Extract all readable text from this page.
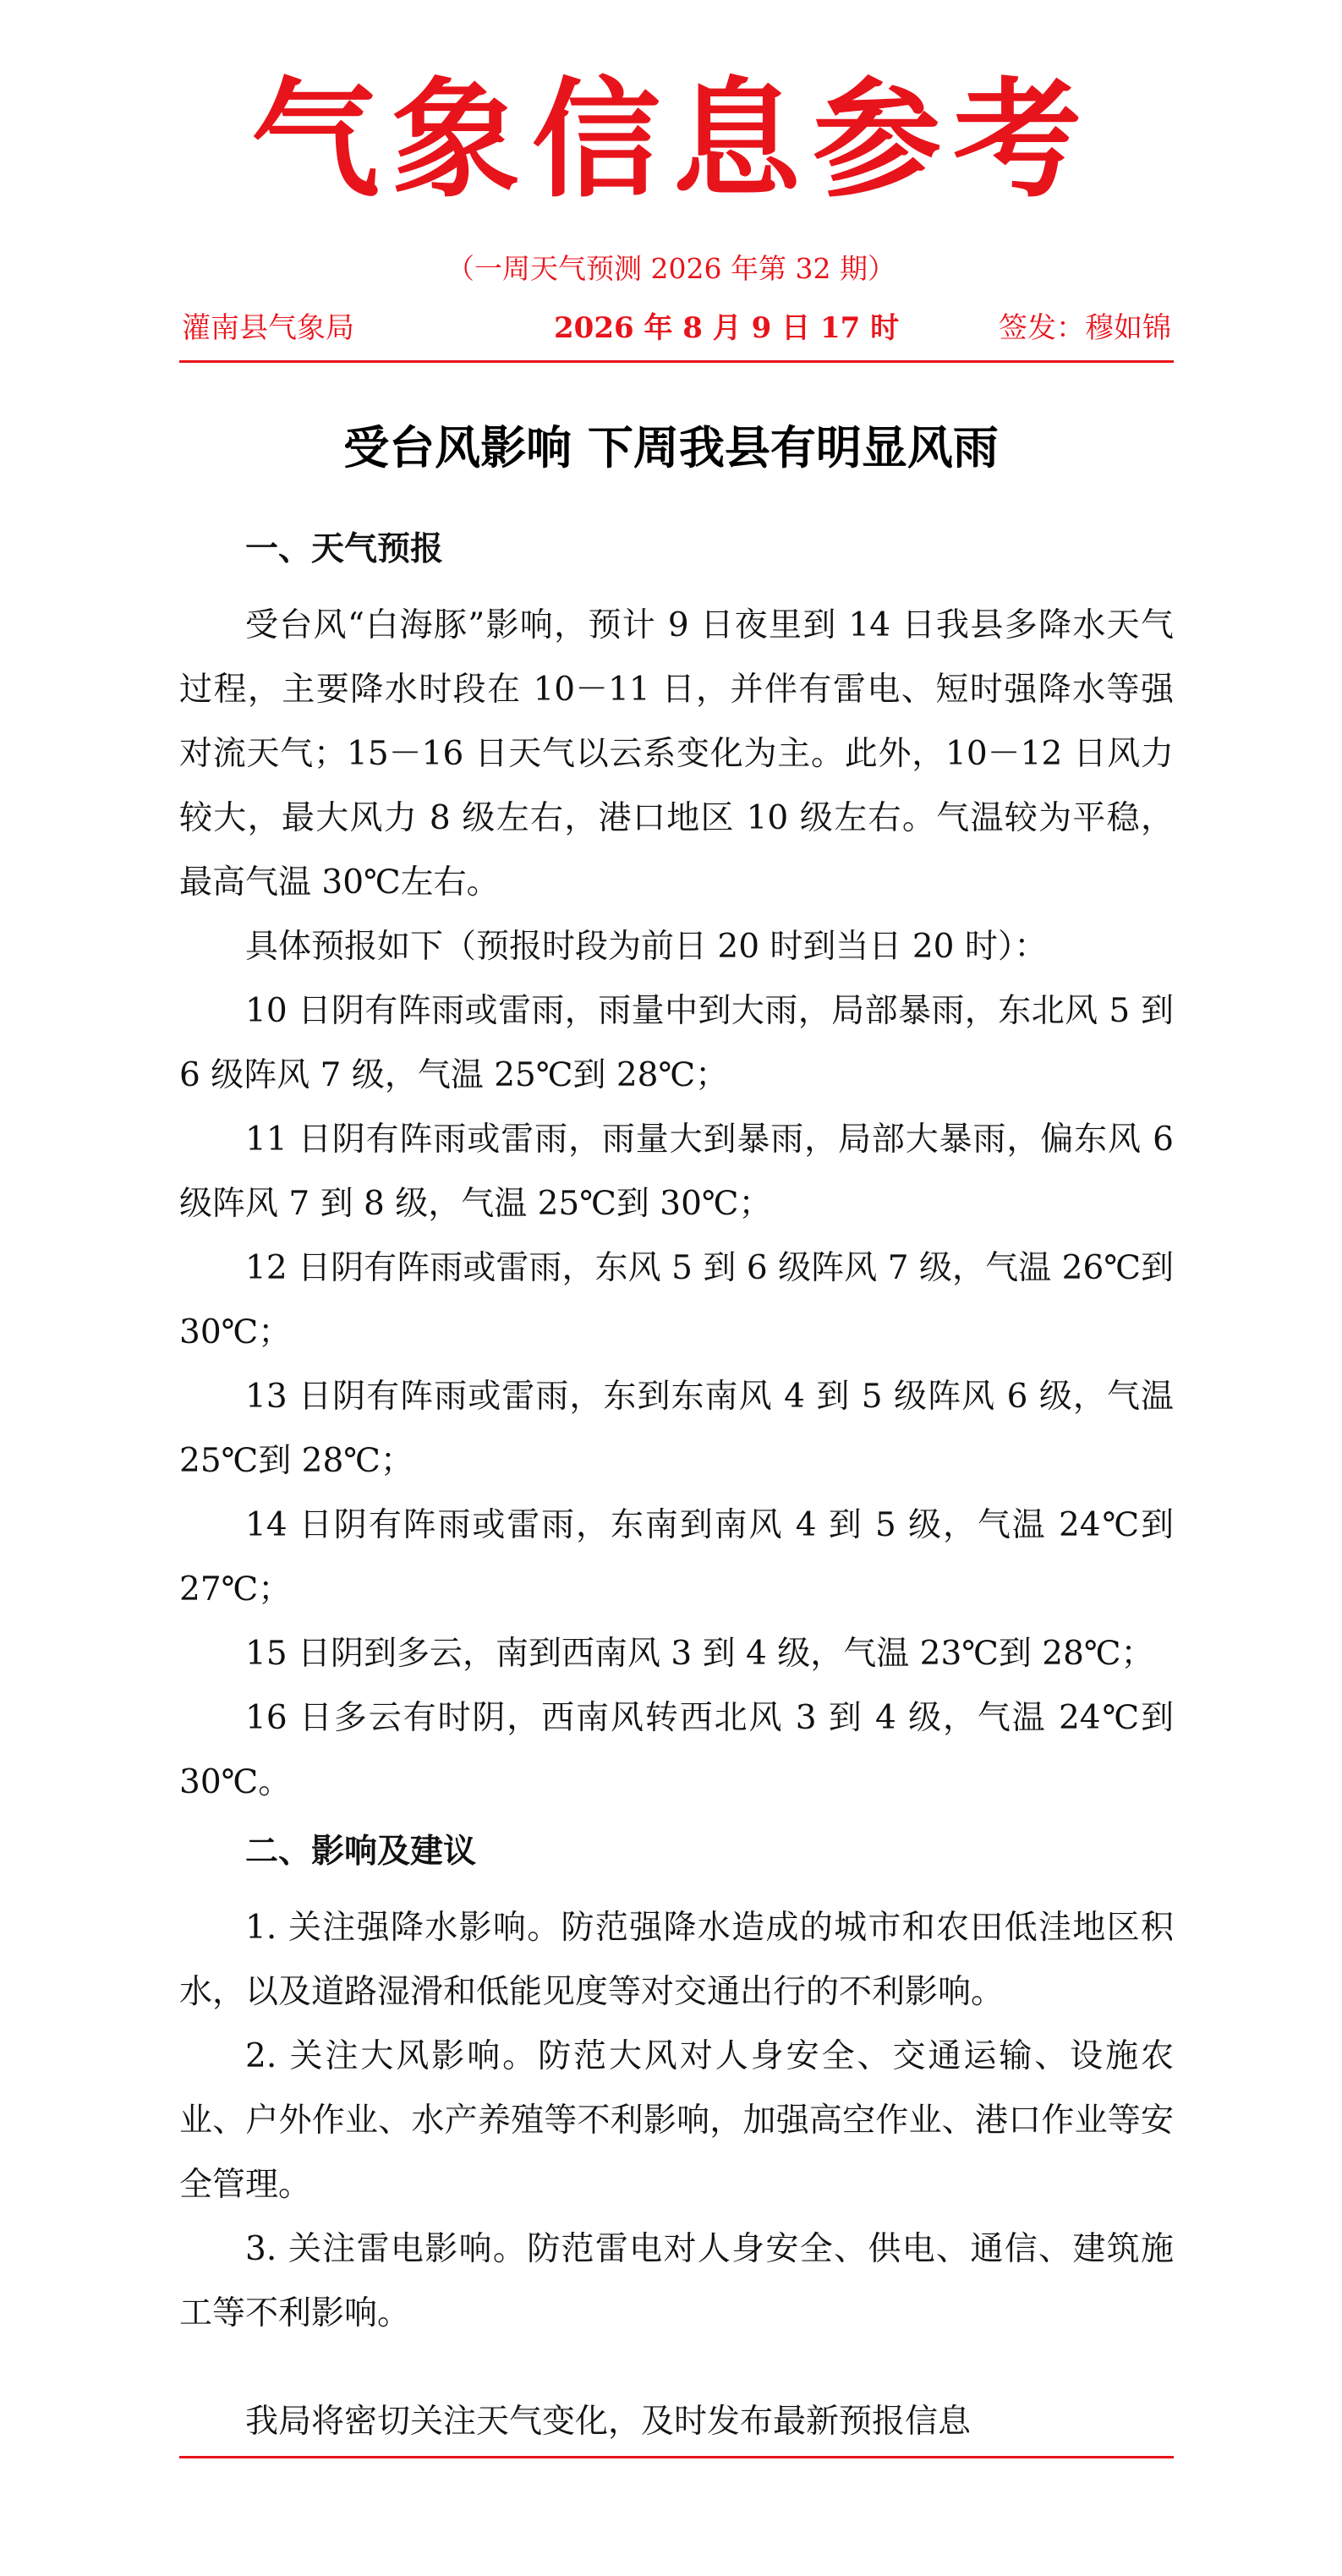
气象信息参考
（一周天气预测 2026 年第 32 期）
灌南县气象局	2026 年 8 月 9 日 17 时	签发：穆如锦
受台风影响 下周我县有明显风雨

一、天气预报

受台风“白海豚”影响，预计 9 日夜里到 14 日我县多降水天气过程，主要降水时段在 10－11 日，并伴有雷电、短时强降水等强对流天气；15－16 日天气以云系变化为主。此外，10－12 日风力较大，最大风力 8 级左右，港口地区 10 级左右。气温较为平稳，最高气温 30℃左右。

具体预报如下（预报时段为前日 20 时到当日 20 时）：

10 日阴有阵雨或雷雨，雨量中到大雨，局部暴雨，东北风 5 到 6 级阵风 7 级，气温 25℃到 28℃；

11 日阴有阵雨或雷雨，雨量大到暴雨，局部大暴雨，偏东风 6 级阵风 7 到 8 级，气温 25℃到 30℃；

12 日阴有阵雨或雷雨，东风 5 到 6 级阵风 7 级，气温 26℃到 30℃；

13 日阴有阵雨或雷雨，东到东南风 4 到 5 级阵风 6 级，气温 25℃到 28℃；

14 日阴有阵雨或雷雨，东南到南风 4 到 5 级，气温 24℃到 27℃；

15 日阴到多云，南到西南风 3 到 4 级，气温 23℃到 28℃；

16 日多云有时阴，西南风转西北风 3 到 4 级，气温 24℃到 30℃。

二、影响及建议

1. 关注强降水影响。防范强降水造成的城市和农田低洼地区积水，以及道路湿滑和低能见度等对交通出行的不利影响。

2. 关注大风影响。防范大风对人身安全、交通运输、设施农业、户外作业、水产养殖等不利影响，加强高空作业、港口作业等安全管理。

3. 关注雷电影响。防范雷电对人身安全、供电、通信、建筑施工等不利影响。

我局将密切关注天气变化，及时发布最新预报信息
